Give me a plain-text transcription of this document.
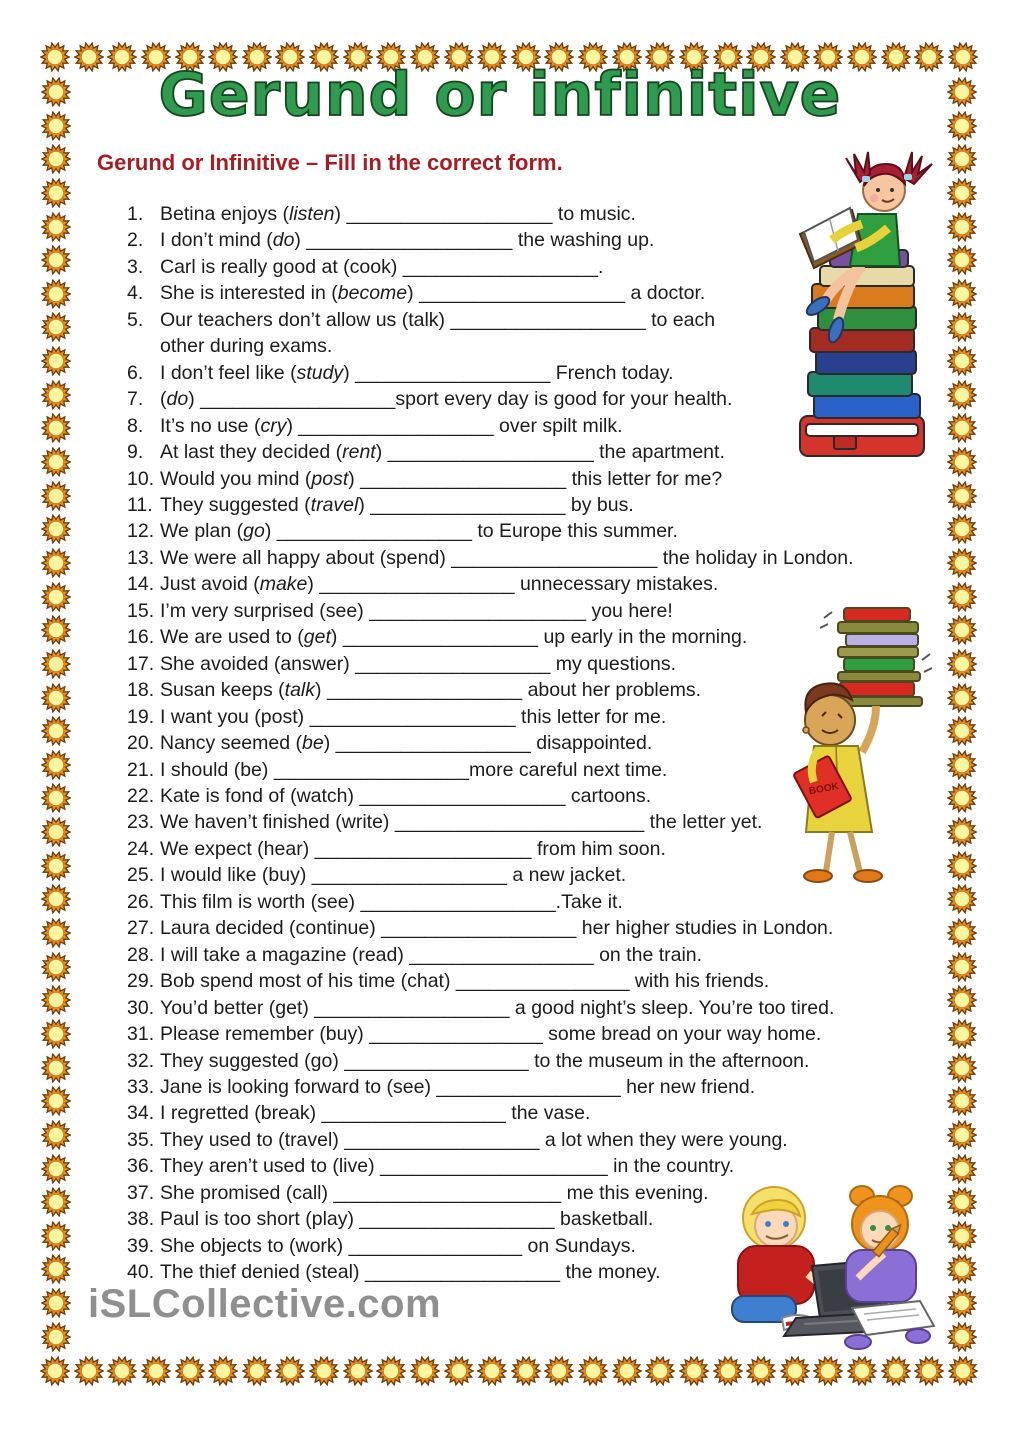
Gerund or infinitive
Gerund or Infinitive – Fill in the correct form.
1. Betina enjoys (listen) ___________________ to music.
2. I don’t mind (do) ___________________ the washing up.
3. Carl is really good at (cook) __________________.
4. She is interested in (become) ___________________ a doctor.
5. Our teachers don’t allow us (talk) __________________ to each
other during exams.
6. I don’t feel like (study) __________________ French today.
7. (do) __________________sport every day is good for your health.
8. It’s no use (cry) __________________ over spilt milk.
9. At last they decided (rent) ___________________ the apartment.
10. Would you mind (post) ___________________ this letter for me?
11. They suggested (travel) __________________ by bus.
12. We plan (go) __________________ to Europe this summer.
13. We were all happy about (spend) ___________________ the holiday in London.
14. Just avoid (make) __________________ unnecessary mistakes.
15. I’m very surprised (see) ____________________ you here!
16. We are used to (get) __________________ up early in the morning.
17. She avoided (answer) __________________ my questions.
18. Susan keeps (talk) __________________ about her problems.
19. I want you (post) ___________________ this letter for me.
20. Nancy seemed (be) __________________ disappointed.
21. I should (be) __________________more careful next time.
22. Kate is fond of (watch) ___________________ cartoons.
23. We haven’t finished (write) _______________________ the letter yet.
24. We expect (hear) ____________________ from him soon.
25. I would like (buy) __________________ a new jacket.
26. This film is worth (see) __________________.Take it.
27. Laura decided (continue) __________________ her higher studies in London.
28. I will take a magazine (read) _________________ on the train.
29. Bob spend most of his time (chat) ________________ with his friends.
30. You’d better (get) __________________ a good night’s sleep. You’re too tired.
31. Please remember (buy) ________________ some bread on your way home.
32. They suggested (go) _________________ to the museum in the afternoon.
33. Jane is looking forward to (see) _________________ her new friend.
34. I regretted (break) _________________ the vase.
35. They used to (travel) __________________ a lot when they were young.
36. They aren’t used to (live) _____________________ in the country.
37. She promised (call) _____________________ me this evening.
38. Paul is too short (play) __________________ basketball.
39. She objects to (work) ________________ on Sundays.
40. The thief denied (steal) __________________ the money.
iSLCollective.com
BOOK
